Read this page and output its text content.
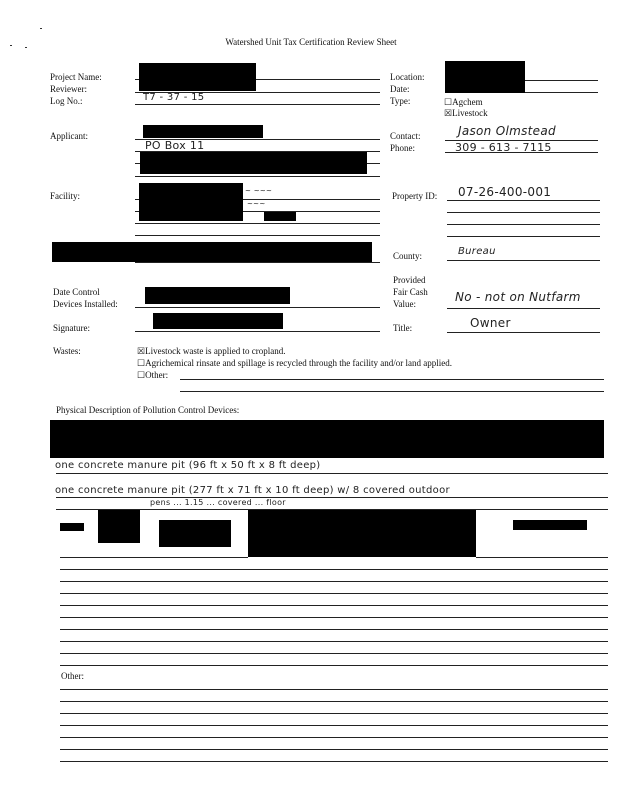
Watershed Unit Tax Certification Review Sheet
Project Name:
Reviewer:
Log No.:
Applicant:
Facility:
Date Control
Devices Installed:
Signature:
Wastes:
Location:
Date:
Type:	☐Agchem
☒Livestock
Contact:
Phone:
Property ID:
County:
Provided
Fair Cash
Value:
Title:
T7 - 37 - 15
PO Box 11
~ ~~~
~~~
Jason Olmstead
309 - 613 - 7115
07-26-400-001
Bureau
No - not on Nutfarm
Owner
☒Livestock waste is applied to cropland.
☐Agrichemical rinsate and spillage is recycled through the facility and/or land applied.
☐Other:
Physical Description of Pollution Control Devices:
one concrete manure pit (96 ft x 50 ft x 8 ft deep)
one concrete manure pit (277 ft x 71 ft x 10 ft deep) w/ 8 covered outdoor
pens ... 1.15 ... covered ... floor
Other:
